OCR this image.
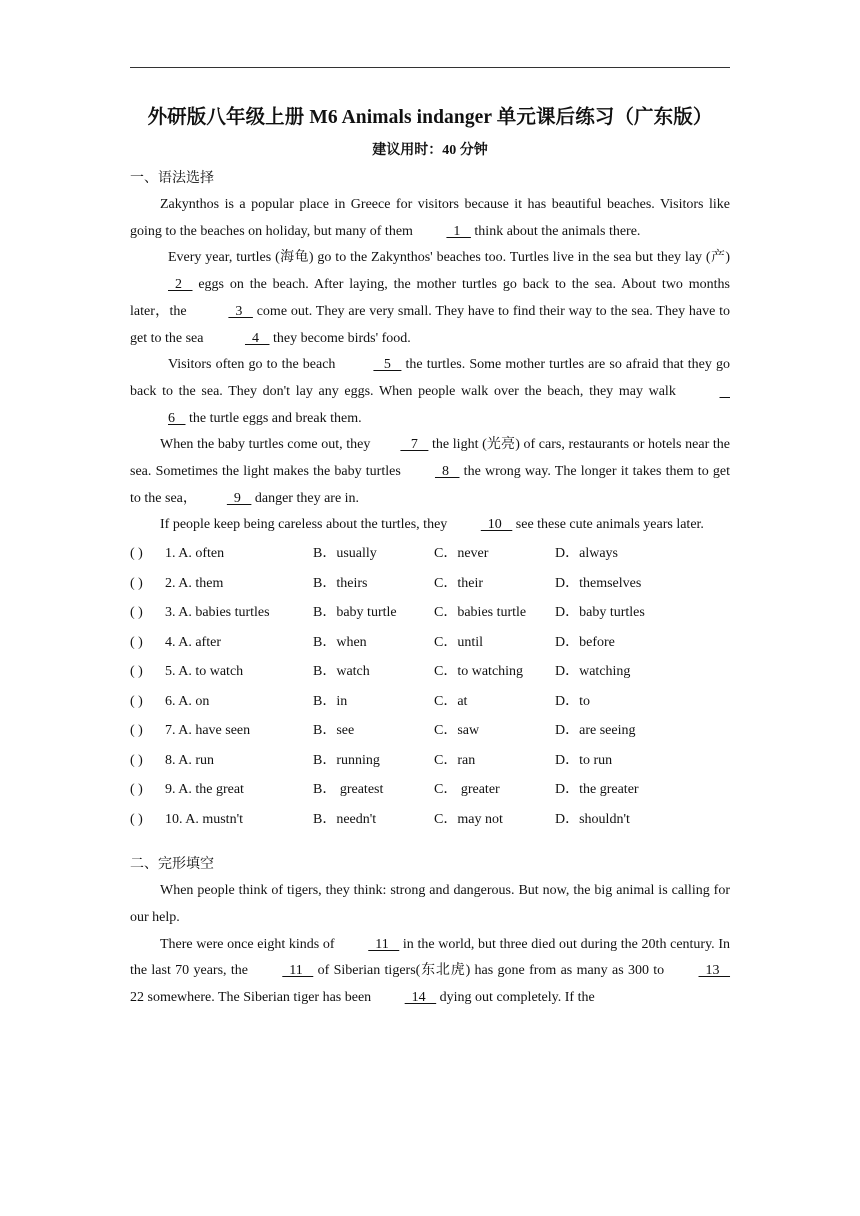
外研版八年级上册 M6 Animals indanger 单元课后练习（广东版）
建议用时：40 分钟
一、语法选择

Zakynthos is a popular place in Greece for visitors because it has beautiful beaches. Visitors like going to the beaches on holiday, but many of them   1    think about the animals there.

Every year, turtles (海龟) go to the Zakynthos' beaches too. Turtles live in the sea but they lay (产)   2    eggs on the beach. After laying, the mother turtles go back to the sea. About two months later，the	3    come out. They are very small. They have to find their way to the sea. They have to get to the sea	4    they become birds' food.

Visitors often go to the beach	5    the turtles. Some mother turtles are so afraid that they go back to the sea. They don't lay any eggs. When people walk over the beach, they may walk    6    the turtle eggs and break them.

When the baby turtles come out, they   7    the light (光亮) of cars, restaurants or hotels near the sea. Sometimes the light makes the baby turtles   8    the wrong way. The longer it takes them to get to the sea，  9    danger they are in.

If people keep being careless about the turtles, they   10    see these cute animals years later.

( )	1. A. often	B．usually	C．never	D．always
( )	2. A. them	B．theirs	C．their	D．themselves
( )	3. A. babies turtles	B．baby turtle	C．babies turtle	D．baby turtles
( )	4. A. after	B．when	C．until	D．before
( )	5. A. to watch	B．watch	C．to watching	D．watching
( )	6. A. on	B．in	C．at	D．to
( )	7. A. have seen	B．see	C．saw	D．are seeing
( )	8. A. run	B．running	C．ran	D．to run
( )	9. A. the great	B． greatest	C． greater	D．the greater
( )	10. A. mustn't	B．needn't	C．may not	D．shouldn't
二、完形填空

When people think of tigers, they think: strong and dangerous. But now, the big animal is calling for our help.

There were once eight kinds of   11    in the world, but three died out during the 20th century. In the last 70 years, the   11    of Siberian tigers(东北虎) has gone from as many as 300 to   13    22 somewhere. The Siberian tiger has been   14    dying out completely. If the
